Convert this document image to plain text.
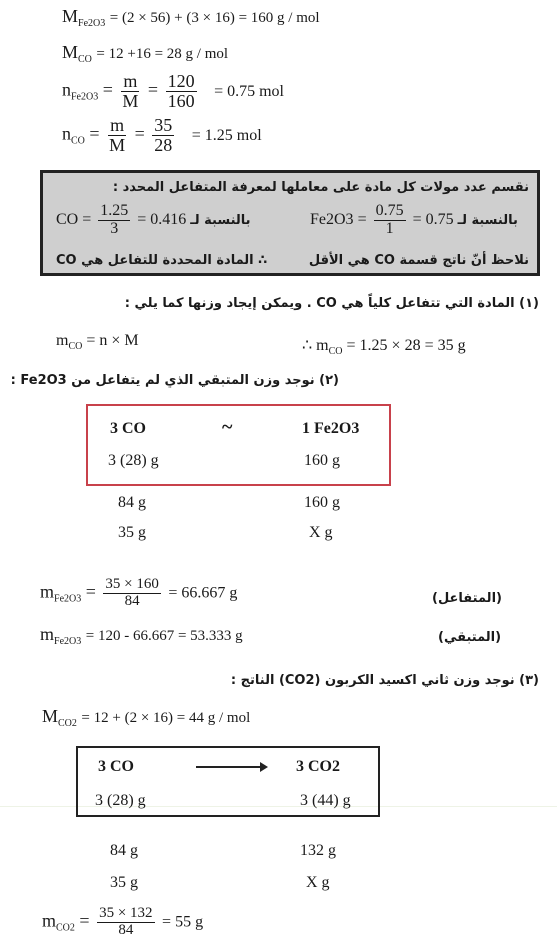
$M_{Fe2O3} = (2 \times 56) + (3 \times 16) = 160$ g / mol
$M_{CO} = 12 +16 = 28$ g / mol
$n_{Fe2O3} = \frac{m}{M} = \frac{120}{160} = 0.75$ mol
$n_{CO} = \frac{m}{M} = \frac{35}{28} = 1.25$ mol
نقسم عدد مولات كل مادة على معاملها لمعرفة المتفاعل المحدد :
بالنسبة لـ $Fe2O3 = \frac{0.75}{1} = 0.75$
بالنسبة لـ CO = $\frac{1.25}{3} = 0.416$
نلاحظ أنّ ناتج قسمة CO هي الأقل
∴ المادة المحددة للتفاعل هي CO
(١) المادة التي تتفاعل كلياً هي CO . ويمكن إيجاد وزنها كما يلي :
$m_{CO} = n \times M$	∴ $m_{CO} = 1.25 \times 28 = 35$ g
(٢) نوجد وزن المتبقي الذي لم يتفاعل من Fe2O3 :
3 CO	~	1 Fe2O3
3 (28) g	160 g
84 g	160 g
35 g	X g
$m_{Fe2O3} = \frac{35 \times 160}{84} = 66.667$ g	(المتفاعل)
$m_{Fe2O3} = 120 - 66.667 = 53.333$ g	(المتبقي)
(٣) نوجد وزن ثاني اكسيد الكربون (CO2) الناتج :
$M_{CO2} = 12 + (2 \times 16) = 44$ g / mol
3 CO	3 CO2
3 (28) g	3 (44) g
84 g	132 g
35 g	X g
$m_{CO2} = \frac{35 \times 132}{84} = 55$ g
